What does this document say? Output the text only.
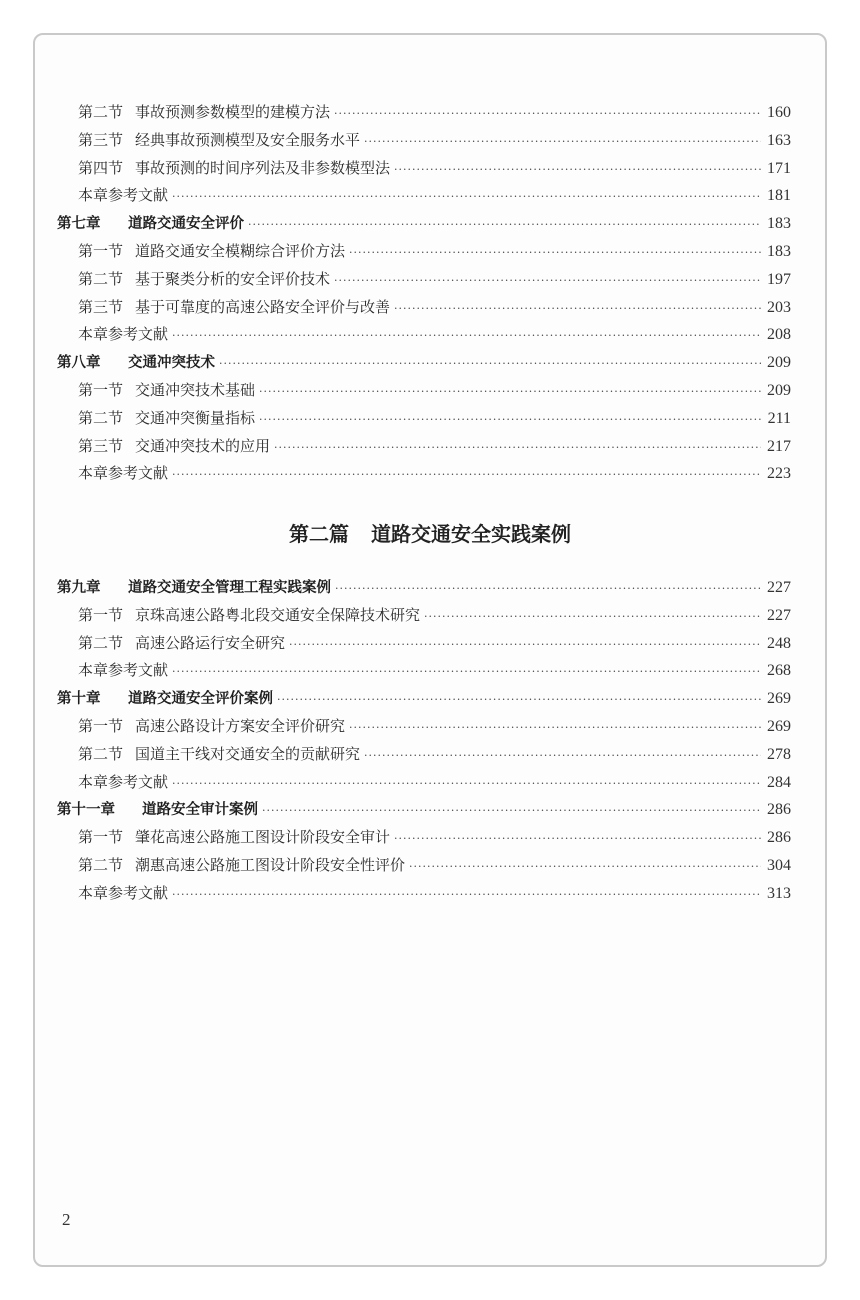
第二节 事故预测参数模型的建模方法 ·····	160
第三节 经典事故预测模型及安全服务水平 ·····	163
第四节 事故预测的时间序列法及非参数模型法 ·····	171
本章参考文献 ·····	181
第七章	道路交通安全评价 ·····	183
第一节 道路交通安全模糊综合评价方法 ·····	183
第二节 基于聚类分析的安全评价技术 ·····	197
第三节 基于可靠度的高速公路安全评价与改善 ·····	203
本章参考文献 ·····	208
第八章	交通冲突技术 ·····	209
第一节 交通冲突技术基础 ·····	209
第二节 交通冲突衡量指标 ·····	211
第三节 交通冲突技术的应用 ·····	217
本章参考文献 ·····	223
第二篇 道路交通安全实践案例
第九章	道路交通安全管理工程实践案例 ·····	227
第一节 京珠高速公路粤北段交通安全保障技术研究 ·····	227
第二节 高速公路运行安全研究 ·····	248
本章参考文献 ·····	268
第十章	道路交通安全评价案例 ·····	269
第一节 高速公路设计方案安全评价研究 ·····	269
第二节 国道主干线对交通安全的贡献研究 ·····	278
本章参考文献 ·····	284
第十一章	道路安全审计案例 ·····	286
第一节 肇花高速公路施工图设计阶段安全审计 ·····	286
第二节 潮惠高速公路施工图设计阶段安全性评价 ·····	304
本章参考文献 ·····	313
2
